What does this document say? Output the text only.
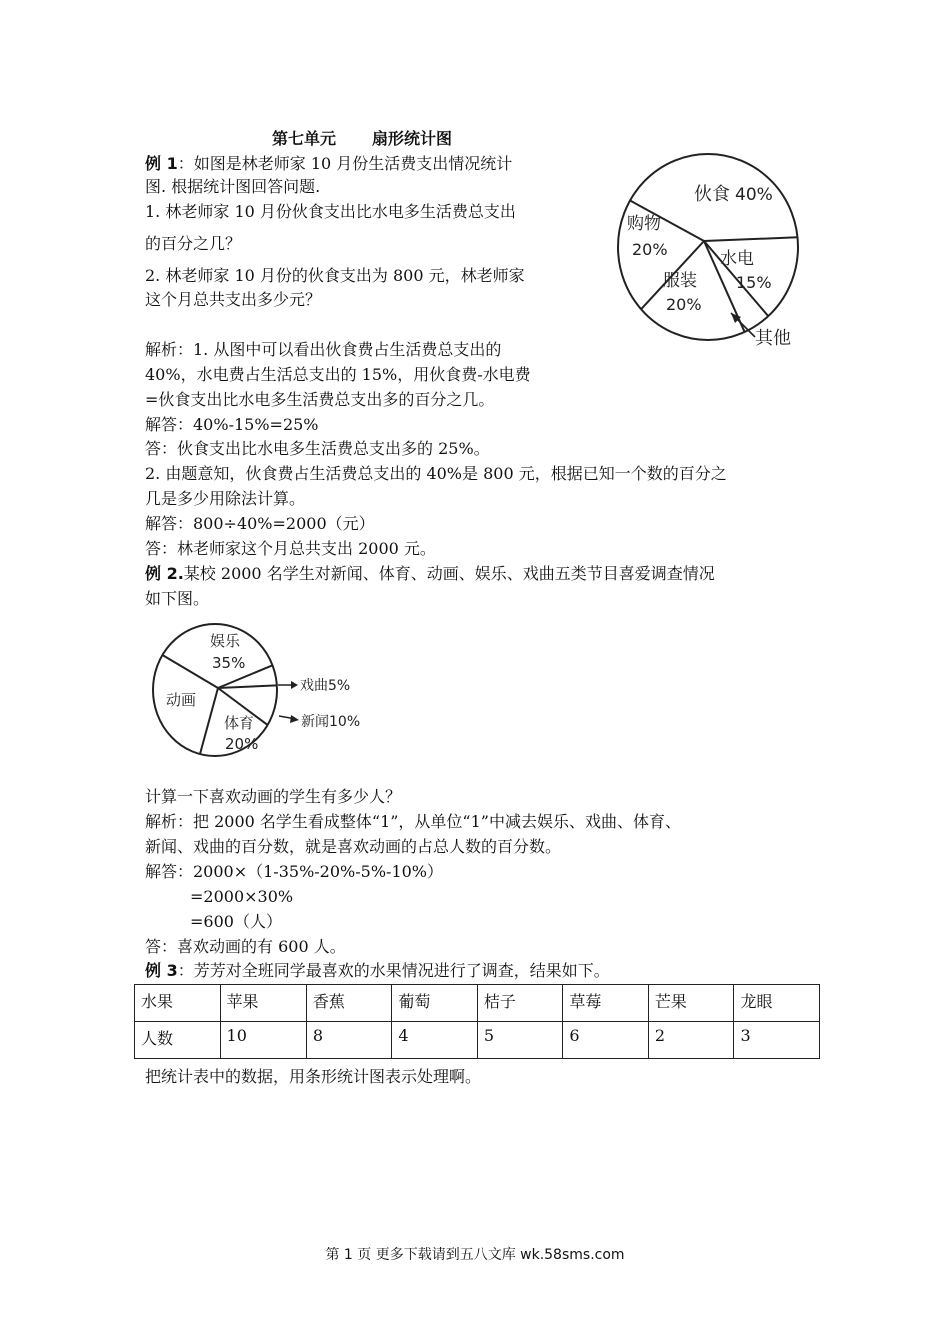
第七单元 扇形统计图
例 1：如图是林老师家 10 月份生活费支出情况统计
图. 根据统计图回答问题.
1. 林老师家 10 月份伙食支出比水电多生活费总支出
的百分之几？
2. 林老师家 10 月份的伙食支出为 800 元，林老师家
这个月总共支出多少元？
解析：1. 从图中可以看出伙食费占生活费总支出的
40%，水电费占生活总支出的 15%，用伙食费-水电费
=伙食支出比水电多生活费总支出多的百分之几。
解答：40%-15%=25%
答：伙食支出比水电多生活费总支出多的 25%。
2. 由题意知，伙食费占生活费总支出的 40%是 800 元，根据已知一个数的百分之
几是多少用除法计算。
解答：800÷40%=2000（元）
答：林老师家这个月总共支出 2000 元。
伙食
水电
其他
服装
购物
40%
15%
20%
20%
例 2.某校 2000 名学生对新闻、体育、动画、娱乐、戏曲五类节目喜爱调查情况
如下图。
娱乐
35%
戏曲 5%
新闻 10%
体育
20%
动画
计算一下喜欢动画的学生有多少人？
解析：把 2000 名学生看成整体“1”，从单位“1”中减去娱乐、戏曲、体育、
新闻、戏曲的百分数，就是喜欢动画的占总人数的百分数。
解答：2000×（1-35%-20%-5%-10%）
=2000×30%
=600（人）
答：喜欢动画的有 600 人。
例 3：芳芳对全班同学最喜欢的水果情况进行了调查，结果如下。
水果	苹果	香蕉	葡萄	桔子	草莓	芒果	龙眼
人数	10	8	4	5	6	2	3
把统计表中的数据，用条形统计图表示处理啊。
第 1 页 更多下载请到五八文库 wk.58sms.com
